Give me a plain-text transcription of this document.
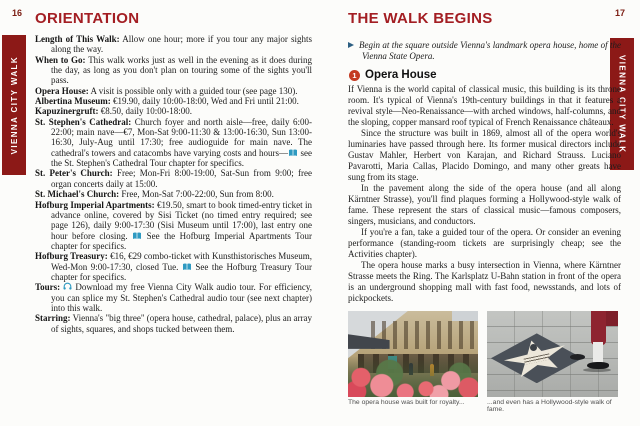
16 ORIENTATION
VIENNA CITY WALK

Length of This Walk: Allow one hour; more if you tour any major sights along the way.

When to Go: This walk works just as well in the evening as it does during the day, as long as you don't plan on touring some of the sights you'll pass.

Opera House: A visit is possible only with a guided tour (see page 130).

Albertina Museum: €19.90, daily 10:00-18:00, Wed and Fri until 21:00.

Kapuzinergruft: €8.50, daily 10:00-18:00.

St. Stephen's Cathedral: Church foyer and north aisle—free, daily 6:00-22:00; main nave—€7, Mon-Sat 9:00-11:30 & 13:00-16:30, Sun 13:00-16:30, July-Aug until 17:30; free audioguide for main nave. The cathedral's towers and catacombs have varying costs and hours— see the St. Stephen's Cathedral Tour chapter for specifics.

St. Peter's Church: Free; Mon-Fri 8:00-19:00, Sat-Sun from 9:00; free organ concerts daily at 15:00.

St. Michael's Church: Free, Mon-Sat 7:00-22:00, Sun from 8:00.

Hofburg Imperial Apartments: €19.50, smart to book timed-entry ticket in advance online, covered by Sisi Ticket (no timed entry required; see page 126), daily 9:00-17:30 (Sisi Museum until 17:00), last entry one hour before closing. See the Hofburg Imperial Apartments Tour chapter for specifics.

Hofburg Treasury: €16, €29 combo-ticket with Kunsthistorisches Museum, Wed-Mon 9:00-17:30, closed Tue. See the Hofburg Treasury Tour chapter for specifics.

Tours: Download my free Vienna City Walk audio tour. For efficiency, you can splice my St. Stephen's Cathedral audio tour (see next chapter) into this walk.

Starring: Vienna's "big three" (opera house, cathedral, palace), plus an array of sights, squares, and shops tucked between them.

17
THE WALK BEGINS
VIENNA CITY WALK

Begin at the square outside Vienna's landmark opera house, home of the Vienna State Opera.

1 Opera House

If Vienna is the world capital of classical music, this building is its throne room. It's typical of Vienna's 19th-century buildings in that it features a revival style—Neo-Renaissance—with arched windows, half-columns, and the sloping, copper mansard roof typical of French Renaissance châteaux.

Since the structure was built in 1869, almost all of the opera world's luminaries have passed through here. Its former musical directors include Gustav Mahler, Herbert von Karajan, and Richard Strauss. Luciano Pavarotti, Maria Callas, Placido Domingo, and many other greats have sung from its stage.

In the pavement along the side of the opera house (and all along Kärntner Strasse), you'll find plaques forming a Hollywood-style walk of fame. These represent the stars of classical music—famous composers, singers, musicians, and conductors.

If you're a fan, take a guided tour of the opera. Or consider an evening performance (standing-room tickets are surprisingly cheap; see the Activities chapter).

The opera house marks a busy intersection in Vienna, where Kärntner Strasse meets the Ring. The Karlsplatz U-Bahn station in front of the opera is an underground shopping mall with fast food, newsstands, and lots of pickpockets.

The opera house was built for royalty...	...and even has a Hollywood-style walk of fame.
